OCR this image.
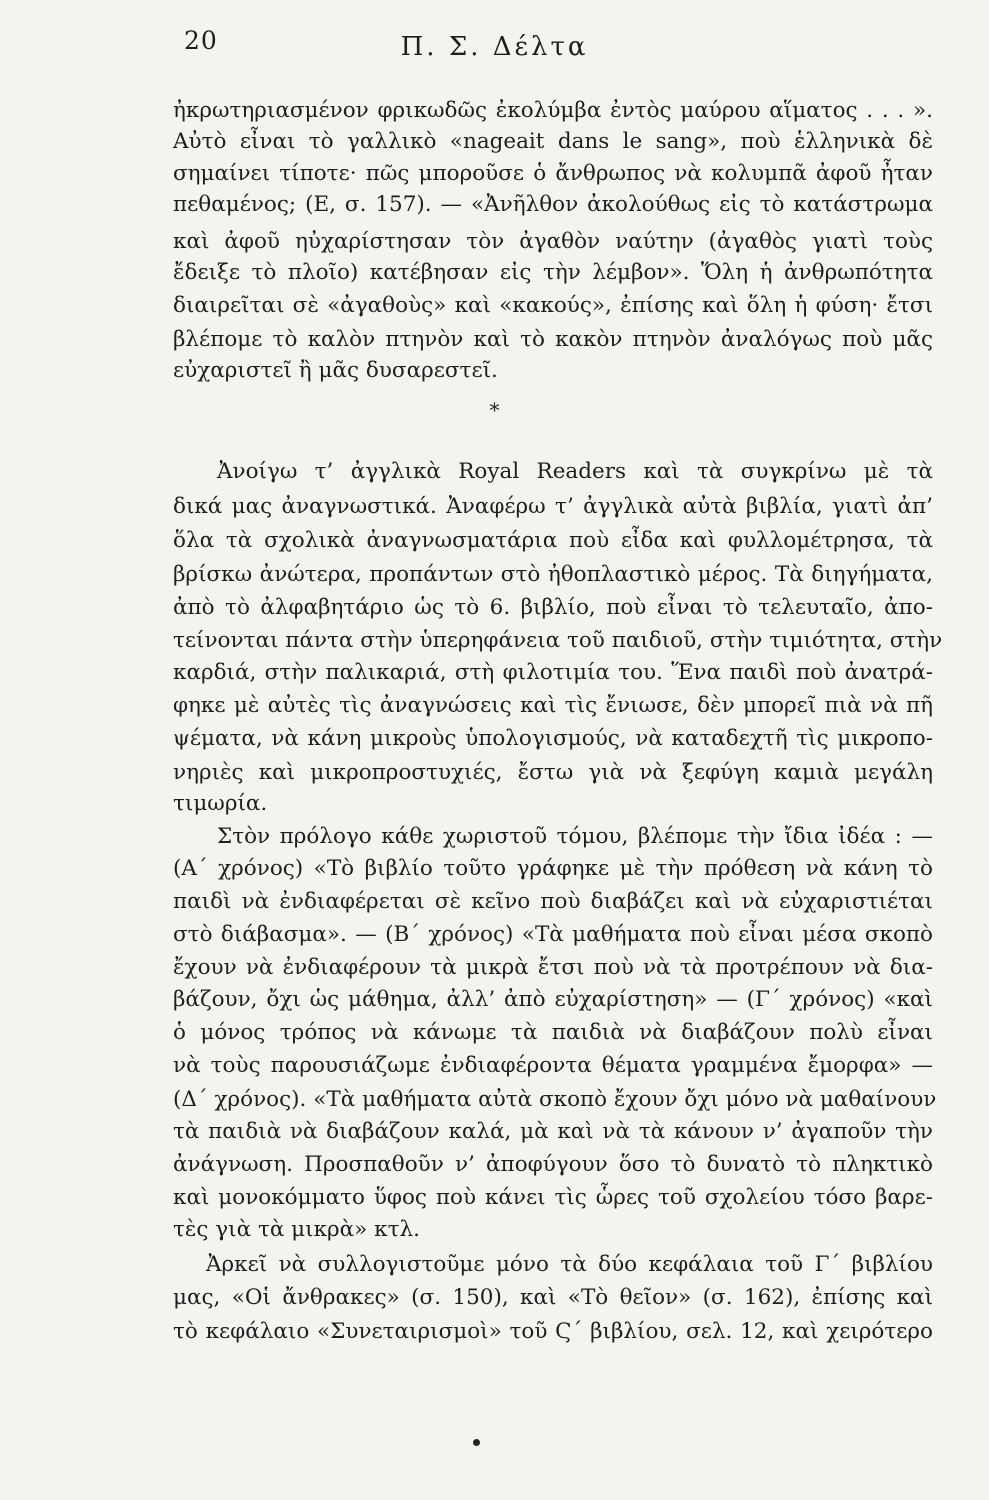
20	Π. Σ. Δέλτα
ἠκρωτηριασμένον φρικωδῶς ἐκολύμβα ἐντὸς μαύρου αἵματος . . . ».
Αὐτὸ εἶναι τὸ γαλλικὸ «nageait dans le sang», ποὺ ἑλληνικὰ δὲ
σημαίνει τίποτε· πῶς μποροῦσε ὁ ἄνθρωπος νὰ κολυμπᾶ ἀφοῦ ἦταν
πεθαμένος; (Ε, σ. 157). — «Ἀνῆλθον ἀκολούθως εἰς τὸ κατάστρωμα
καὶ ἀφοῦ ηὐχαρίστησαν τὸν ἀγαθὸν ναύτην (ἀγαθὸς γιατὶ τοὺς
ἔδειξε τὸ πλοῖο) κατέβησαν εἰς τὴν λέμβον». Ὅλη ἡ ἀνθρωπότητα
διαιρεῖται σὲ «ἀγαθοὺς» καὶ «κακούς», ἐπίσης καὶ ὅλη ἡ φύση· ἔτσι
βλέπομε τὸ καλὸν πτηνὸν καὶ τὸ κακὸν πτηνὸν ἀναλόγως ποὺ μᾶς
εὐχαριστεῖ ἢ μᾶς δυσαρεστεῖ.
*
Ἀνοίγω τ’ ἀγγλικὰ Royal Readers καὶ τὰ συγκρίνω μὲ τὰ
δικά μας ἀναγνωστικά. Ἀναφέρω τ’ ἀγγλικὰ αὐτὰ βιβλία, γιατὶ ἀπ’
ὅλα τὰ σχολικὰ ἀναγνωσματάρια ποὺ εἶδα καὶ φυλλομέτρησα, τὰ
βρίσκω ἀνώτερα, προπάντων στὸ ἠθοπλαστικὸ μέρος. Τὰ διηγήματα,
ἀπὸ τὸ ἀλφαβητάριο ὡς τὸ 6. βιβλίο, ποὺ εἶναι τὸ τελευταῖο, ἀπο-
τείνονται πάντα στὴν ὑπερηφάνεια τοῦ παιδιοῦ, στὴν τιμιότητα, στὴν
καρδιά, στὴν παλικαριά, στὴ φιλοτιμία του. Ἕνα παιδὶ ποὺ ἀνατρά-
φηκε μὲ αὐτὲς τὶς ἀναγνώσεις καὶ τὶς ἔνιωσε, δὲν μπορεῖ πιὰ νὰ πῆ
ψέματα, νὰ κάνη μικροὺς ὑπολογισμούς, νὰ καταδεχτῆ τὶς μικροπο-
νηριὲς καὶ μικροπροστυχιές, ἔστω γιὰ νὰ ξεφύγη καμιὰ μεγάλη
τιμωρία.
Στὸν πρόλογο κάθε χωριστοῦ τόμου, βλέπομε τὴν ἴδια ἰδέα : —
(Α΄ χρόνος) «Τὸ βιβλίο τοῦτο γράφηκε μὲ τὴν πρόθεση νὰ κάνη τὸ
παιδὶ νὰ ἐνδιαφέρεται σὲ κεῖνο ποὺ διαβάζει καὶ νὰ εὐχαριστιέται
στὸ διάβασμα». — (Β΄ χρόνος) «Τὰ μαθήματα ποὺ εἶναι μέσα σκοπὸ
ἔχουν νὰ ἐνδιαφέρουν τὰ μικρὰ ἔτσι ποὺ νὰ τὰ προτρέπουν νὰ δια-
βάζουν, ὄχι ὡς μάθημα, ἀλλ’ ἀπὸ εὐχαρίστηση» — (Γ΄ χρόνος) «καὶ
ὁ μόνος τρόπος νὰ κάνωμε τὰ παιδιὰ νὰ διαβάζουν πολὺ εἶναι
νὰ τοὺς παρουσιάζωμε ἐνδιαφέροντα θέματα γραμμένα ἔμορφα» —
(Δ΄ χρόνος). «Τὰ μαθήματα αὐτὰ σκοπὸ ἔχουν ὄχι μόνο νὰ μαθαίνουν
τὰ παιδιὰ νὰ διαβάζουν καλά, μὰ καὶ νὰ τὰ κάνουν ν’ ἀγαποῦν τὴν
ἀνάγνωση. Προσπαθοῦν ν’ ἀποφύγουν ὅσο τὸ δυνατὸ τὸ πληκτικὸ
καὶ μονοκόμματο ὕφος ποὺ κάνει τὶς ὧρες τοῦ σχολείου τόσο βαρε-
τὲς γιὰ τὰ μικρὰ» κτλ.
Ἀρκεῖ νὰ συλλογιστοῦμε μόνο τὰ δύο κεφάλαια τοῦ Γ΄ βιβλίου
μας, «Οἱ ἄνθρακες» (σ. 150), καὶ «Τὸ θεῖον» (σ. 162), ἐπίσης καὶ
τὸ κεφάλαιο «Συνεταιρισμοὶ» τοῦ Ϛ΄ βιβλίου, σελ. 12, καὶ χειρότερο
